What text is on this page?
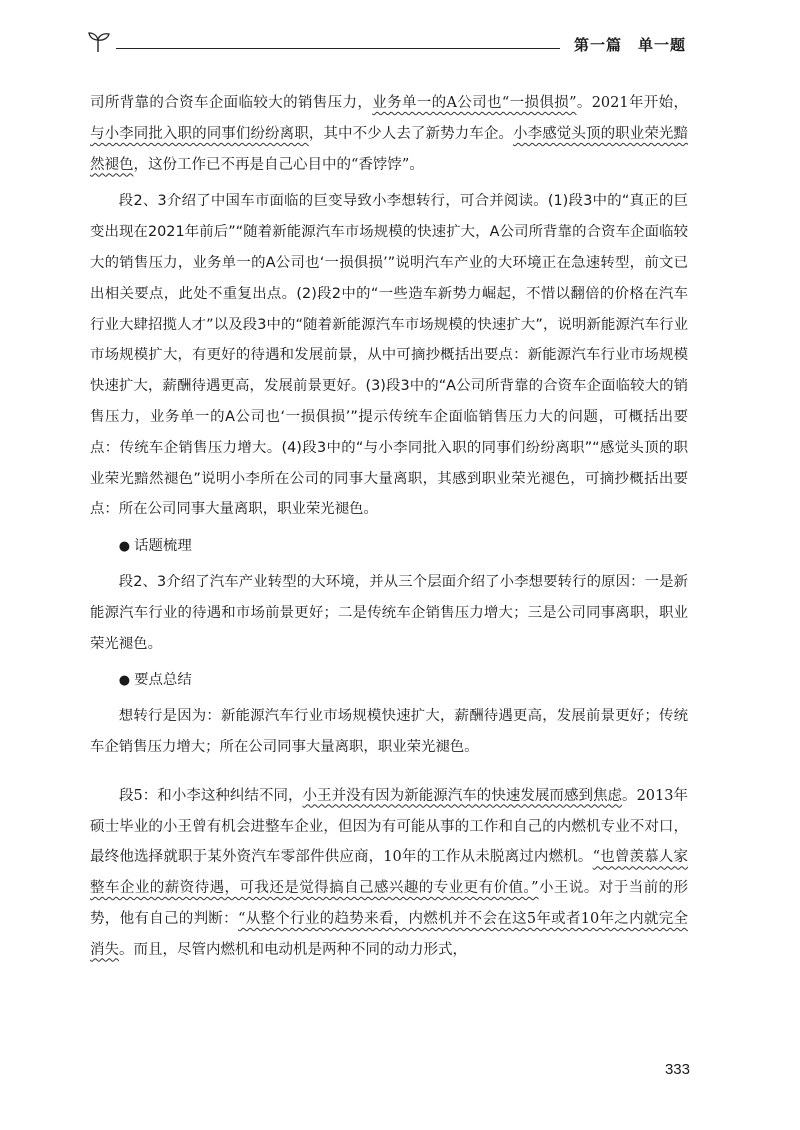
第一篇　单一题

司所背靠的合资车企面临较大的销售压力，业务单一的A公司也“一损俱损”。2021年开始，与小李同批入职的同事们纷纷离职，其中不少人去了新势力车企。小李感觉头顶的职业荣光黯然褪色，这份工作已不再是自己心目中的“香饽饽”。

段2、3介绍了中国车市面临的巨变导致小李想转行，可合并阅读。(1)段3中的“真正的巨变出现在2021年前后”“随着新能源汽车市场规模的快速扩大，A公司所背靠的合资车企面临较大的销售压力，业务单一的A公司也‘一损俱损’”说明汽车产业的大环境正在急速转型，前文已出相关要点，此处不重复出点。(2)段2中的“一些造车新势力崛起，不惜以翻倍的价格在汽车行业大肆招揽人才”以及段3中的“随着新能源汽车市场规模的快速扩大”，说明新能源汽车行业市场规模扩大，有更好的待遇和发展前景，从中可摘抄概括出要点：新能源汽车行业市场规模快速扩大，薪酬待遇更高，发展前景更好。(3)段3中的“A公司所背靠的合资车企面临较大的销售压力，业务单一的A公司也‘一损俱损’”提示传统车企面临销售压力大的问题，可概括出要点：传统车企销售压力增大。(4)段3中的“与小李同批入职的同事们纷纷离职”“感觉头顶的职业荣光黯然褪色”说明小李所在公司的同事大量离职，其感到职业荣光褪色，可摘抄概括出要点：所在公司同事大量离职，职业荣光褪色。

● 话题梳理

段2、3介绍了汽车产业转型的大环境，并从三个层面介绍了小李想要转行的原因：一是新能源汽车行业的待遇和市场前景更好；二是传统车企销售压力增大；三是公司同事离职，职业荣光褪色。

● 要点总结

想转行是因为：新能源汽车行业市场规模快速扩大，薪酬待遇更高，发展前景更好；传统车企销售压力增大；所在公司同事大量离职，职业荣光褪色。

段5：和小李这种纠结不同，小王并没有因为新能源汽车的快速发展而感到焦虑。2013年硕士毕业的小王曾有机会进整车企业，但因为有可能从事的工作和自己的内燃机专业不对口，最终他选择就职于某外资汽车零部件供应商，10年的工作从未脱离过内燃机。“也曾羡慕人家整车企业的薪资待遇，可我还是觉得搞自己感兴趣的专业更有价值。”小王说。对于当前的形势，他有自己的判断：“从整个行业的趋势来看，内燃机并不会在这5年或者10年之内就完全消失。而且，尽管内燃机和电动机是两种不同的动力形式，

333
